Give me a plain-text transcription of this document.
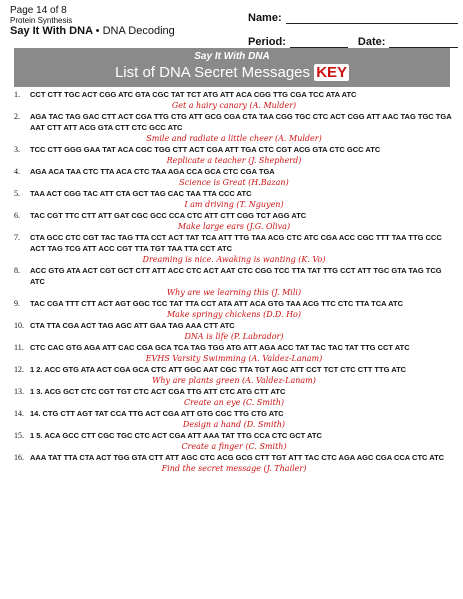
Page 14 of 8
Protein Synthesis
Say It With DNA • DNA Decoding
Name:
Period:	Date:
Say It With DNA
List of DNA Secret Messages KEY
1. CCT CTT TGC ACT CGG ATC GTA CGC TAT TCT ATG ATT ACA CGG TTG CGA TCC ATA ATC
Get a hairy canary (A. Mulder)
2. AGA TAC TAG GAC CTT ACT CGA TTG CTG ATT GCG CGA CTA TAA CGG TGC CTC ACT CGG ATT AAC TAG TGC TGA AAT CTT ATT ACG GTA CTT CTC GCC ATC
Smile and radiate a little cheer (A. Mulder)
3. TCC CTT GGG GAA TAT ACA CGC TGG CTT ACT CGA ATT TGA CTC CGT ACG GTA CTC GCC ATC
Replicate a teacher (J. Shepherd)
4. AGA ACA TAA CTC TTA ACA CTC TAA AGA CCA GCA CTC CGA TGA
Science is Great (H.Bazan)
5. TAA ACT CGG TAC ATT CTA GCT TAG CAC TAA TTA CCC ATC
I am driving (T. Nguyen)
6. TAC CGT TTC CTT ATT GAT CGC GCC CCA CTC ATT CTT CGG TCT AGG ATC
Make large ears (J.G. Oliva)
7. CTA GCC CTC CGT TAC TAG TTA CCT ACT TAT TCA ATT TTG TAA ACG CTC ATC CGA ACC CGC TTT TAA TTG CCC ACT TAG TCG ATT ACC CGT TTA TGT TAA TTA CCT ATC
Dreaming is nice. Awaking is wanting (K. Vo)
8. ACC GTG ATA ACT CGT GCT CTT ATT ACC CTC ACT AAT CTC CGG TCC TTA TAT TTG CCT ATT TGC GTA TAG TCG ATC
Why are we learning this (J. Mili)
9. TAC CGA TTT CTT ACT AGT GGC TCC TAT TTA CCT ATA ATT ACA GTG TAA ACG TTC CTC TTA TCA ATC
Make springy chickens (D.D. Ho)
10. CTA TTA CGA ACT TAG AGC ATT GAA TAG AAA CTT ATC
DNA is life (P. Labrador)
11. CTC CAC GTG AGA ATT CAC CGA GCA TCA TAG TGG ATG ATT AGA ACC TAT TAC TAC TAT TTG CCT ATC
EVHS Varsity Swimming (A. Valdez-Lanam)
12. 1 2. ACC GTG ATA ACT CGA GCA CTC ATT GGC AAT CGC TTA TGT AGC ATT CCT TCT CTC CTT TTG ATC
Why are plants green (A. Valdez-Lanam)
13. 1 3. ACG GCT CTC CGT TGT CTC ACT CGA TTG ATT CTC ATG CTT ATC
Create an eye (C. Smith)
14. 14. CTG CTT AGT TAT CCA TTG ACT CGA ATT GTG CGC TTG CTG ATC
Design a hand (D. Smith)
15. 1 5. ACA GCC CTT CGC TGC CTC ACT CGA ATT AAA TAT TTG CCA CTC GCT ATC
Create a finger (C. Smith)
16. AAA TAT TTA CTA ACT TGG GTA CTT ATT AGC CTC ACG GCG CTT TGT ATT TAC CTC AGA AGC CGA CCA CTC ATC
Find the secret message (J. Thailer)
